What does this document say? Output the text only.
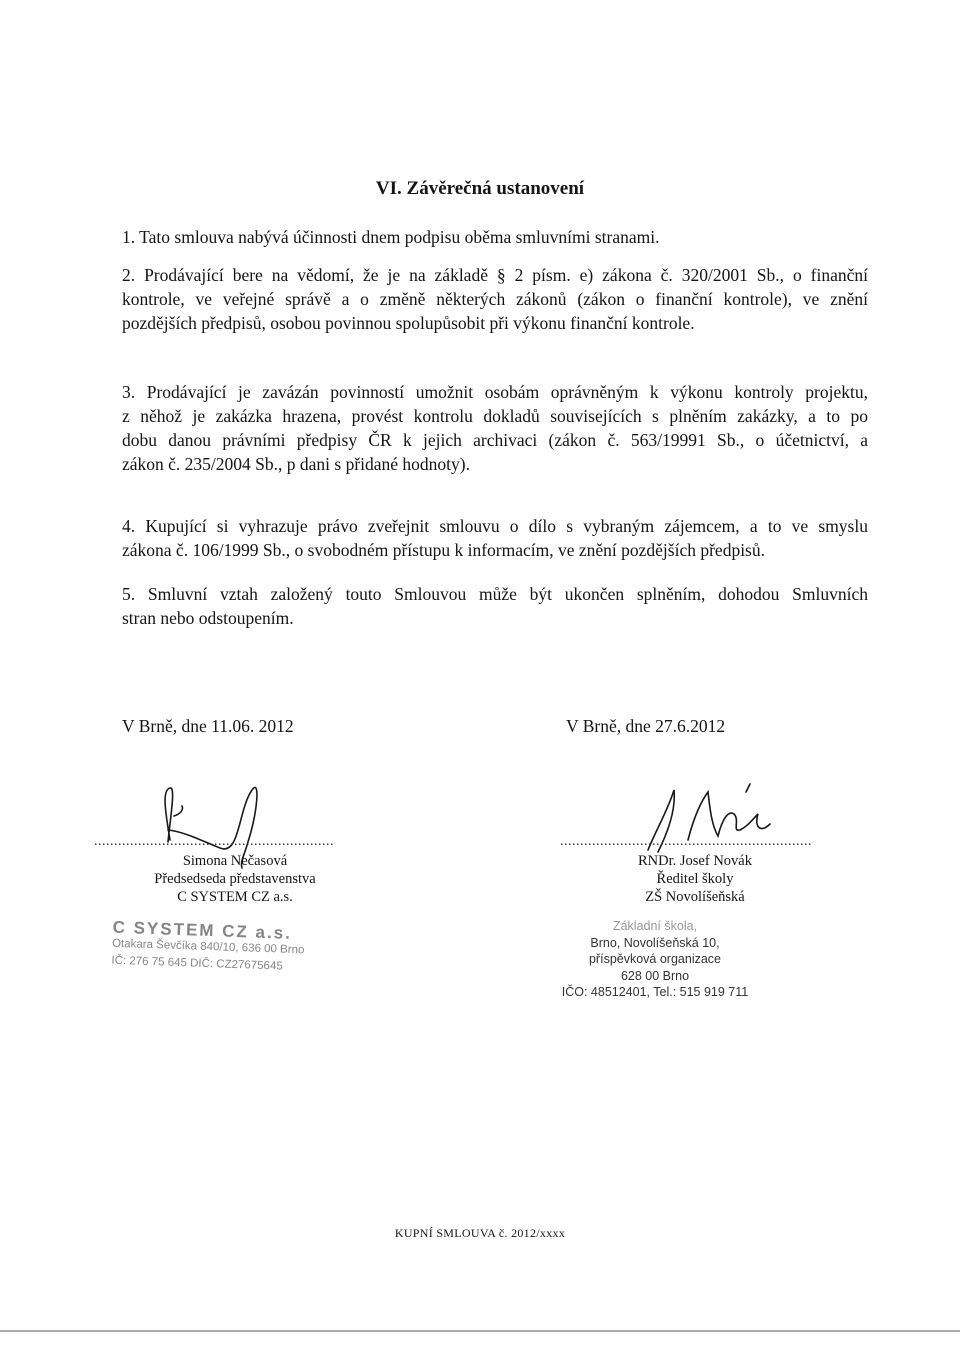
VI. Závěrečná ustanovení
1. Tato smlouva nabývá účinnosti dnem podpisu oběma smluvními stranami.
2. Prodávající bere na vědomí, že je na základě § 2 písm. e) zákona č. 320/2001 Sb., o finanční
kontrole, ve veřejné správě a o změně některých zákonů (zákon o finanční kontrole), ve znění
pozdějších předpisů, osobou povinnou spolupůsobit při výkonu finanční kontrole.
3. Prodávající je zavázán povinností umožnit osobám oprávněným k výkonu kontroly projektu,
z něhož je zakázka hrazena, provést kontrolu dokladů souvisejících s plněním zakázky, a to po
dobu danou právními předpisy ČR k jejich archivaci (zákon č. 563/19991 Sb., o účetnictví, a
zákon č. 235/2004 Sb., p dani s přidané hodnoty).
4. Kupující si vyhrazuje právo zveřejnit smlouvu o dílo s vybraným zájemcem, a to ve smyslu
zákona č. 106/1999 Sb., o svobodném přístupu k informacím, ve znění pozdějších předpisů.
5. Smluvní vztah založený touto Smlouvou může být ukončen splněním, dohodou Smluvních
stran nebo odstoupením.
V Brně, dne 11.06. 2012	V Brně, dne 27.6.2012
............................................................	...............................................................
Simona Nečasová
Předsedseda představenstva
C SYSTEM CZ a.s.
RNDr. Josef Novák
Ředitel školy
ZŠ Novolíšeňská
C SYSTEM CZ a.s.
Otakara Ševčíka 840/10, 636 00 Brno
IČ: 276 75 645 DIČ: CZ27675645
Základní škola,
Brno, Novolíšeňská 10,
příspěvková organizace
628 00 Brno
IČO: 48512401, Tel.: 515 919 711
KUPNÍ SMLOUVA č. 2012/xxxx
